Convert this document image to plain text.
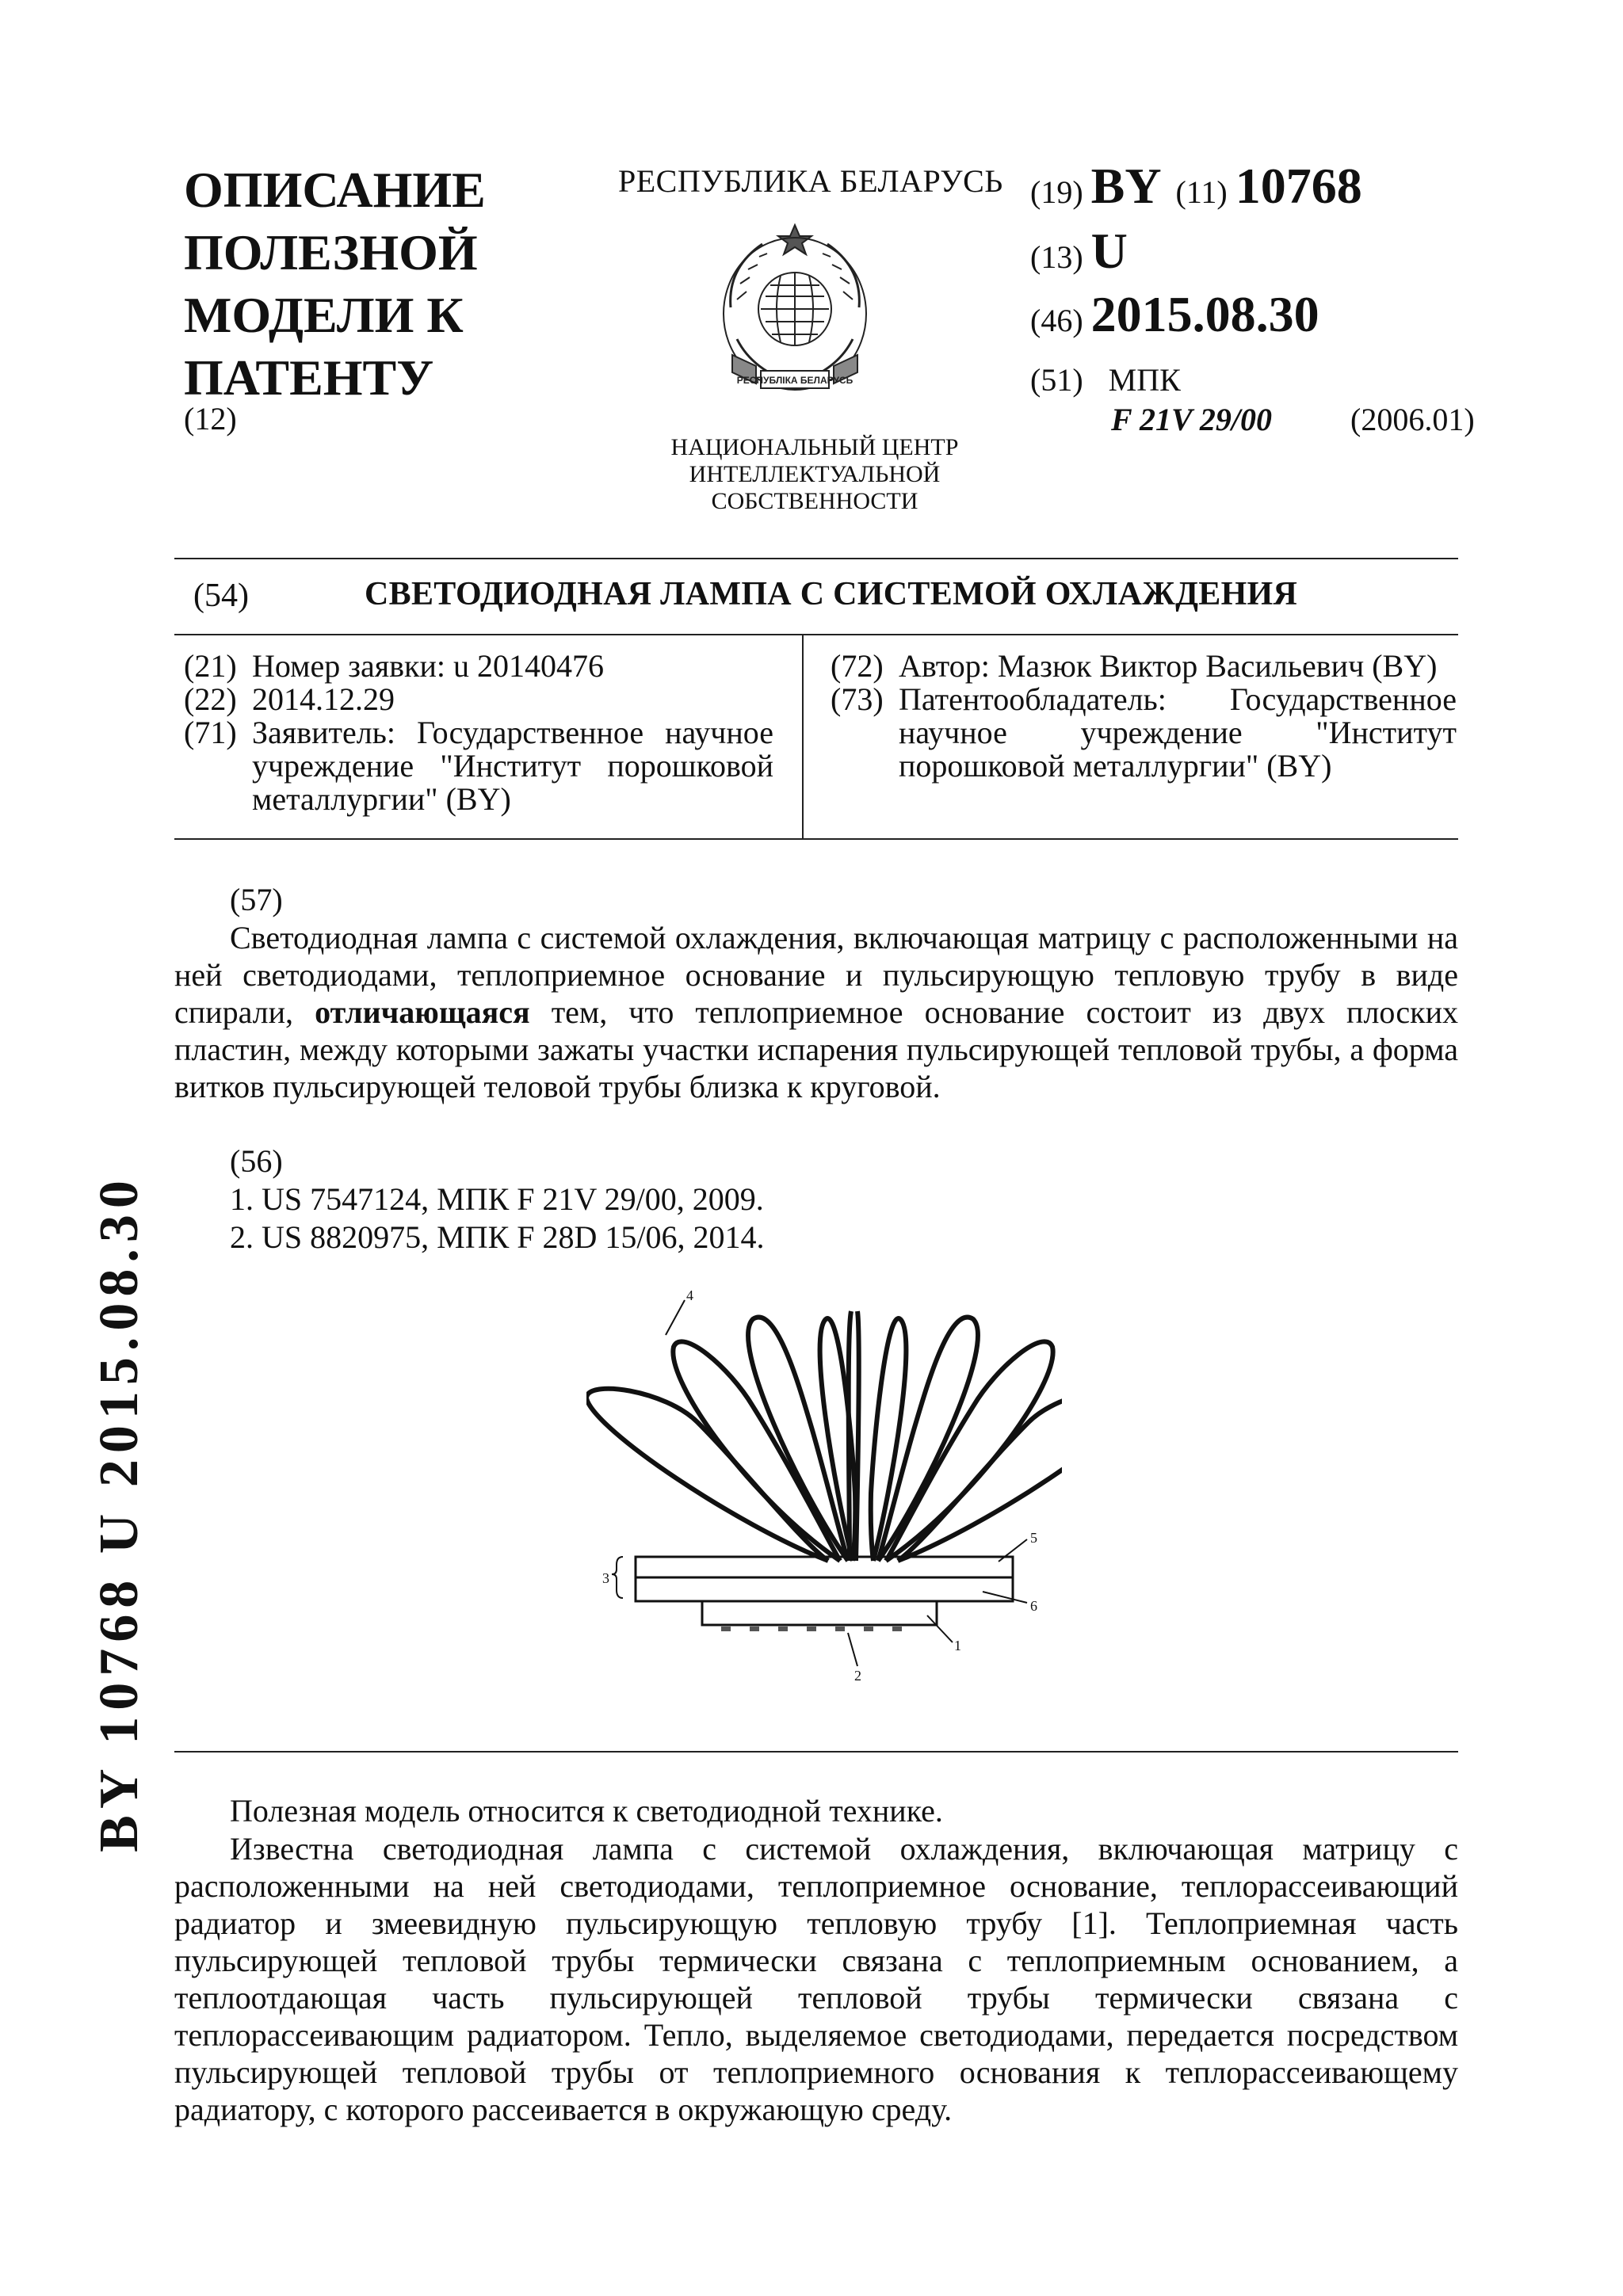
ОПИСАНИЕ
ПОЛЕЗНОЙ
МОДЕЛИ К
ПАТЕНТУ
(12)
РЕСПУБЛИКА БЕЛАРУСЬ
РЕСПУБЛІКА БЕЛАРУСЬ
НАЦИОНАЛЬНЫЙ ЦЕНТР
ИНТЕЛЛЕКТУАЛЬНОЙ
СОБСТВЕННОСТИ
(19) BY (11) 10768
(13) U
(46) 2015.08.30
(51) МПК
F 21V 29/00 (2006.01)
(54)	СВЕТОДИОДНАЯ ЛАМПА С СИСТЕМОЙ ОХЛАЖДЕНИЯ
(21) Номер заявки: u 20140476
(22) 2014.12.29
(71) Заявитель: Государственное научное учреждение "Институт порошковой металлургии" (BY)
(72) Автор: Мазюк Виктор Васильевич (BY)
(73) Патентообладатель: Государственное научное учреждение "Институт порошковой металлургии" (BY)
(57)
Светодиодная лампа с системой охлаждения, включающая матрицу с расположенными на ней светодиодами, теплоприемное основание и пульсирующую тепловую трубу в виде спирали, отличающаяся тем, что теплоприемное основание состоит из двух плоских пластин, между которыми зажаты участки испарения пульсирующей тепловой трубы, а форма витков пульсирующей теловой трубы близка к круговой.
(56)
1. US 7547124, МПК F 21V 29/00, 2009.
2. US 8820975, МПК F 28D 15/06, 2014.
4
5
3
6
1
2
Полезная модель относится к светодиодной технике.
Известна светодиодная лампа с системой охлаждения, включающая матрицу с расположенными на ней светодиодами, теплоприемное основание, теплорассеивающий радиатор и змеевидную пульсирующую тепловую трубу [1]. Теплоприемная часть пульсирующей тепловой трубы термически связана с теплоприемным основанием, а теплоотдающая часть пульсирующей тепловой трубы термически связана с теплорассеивающим радиатором. Тепло, выделяемое светодиодами, передается посредством пульсирующей тепловой трубы от теплоприемного основания к теплорассеивающему радиатору, с которого рассеивается в окружающую среду.
BY 10768 U 2015.08.30
